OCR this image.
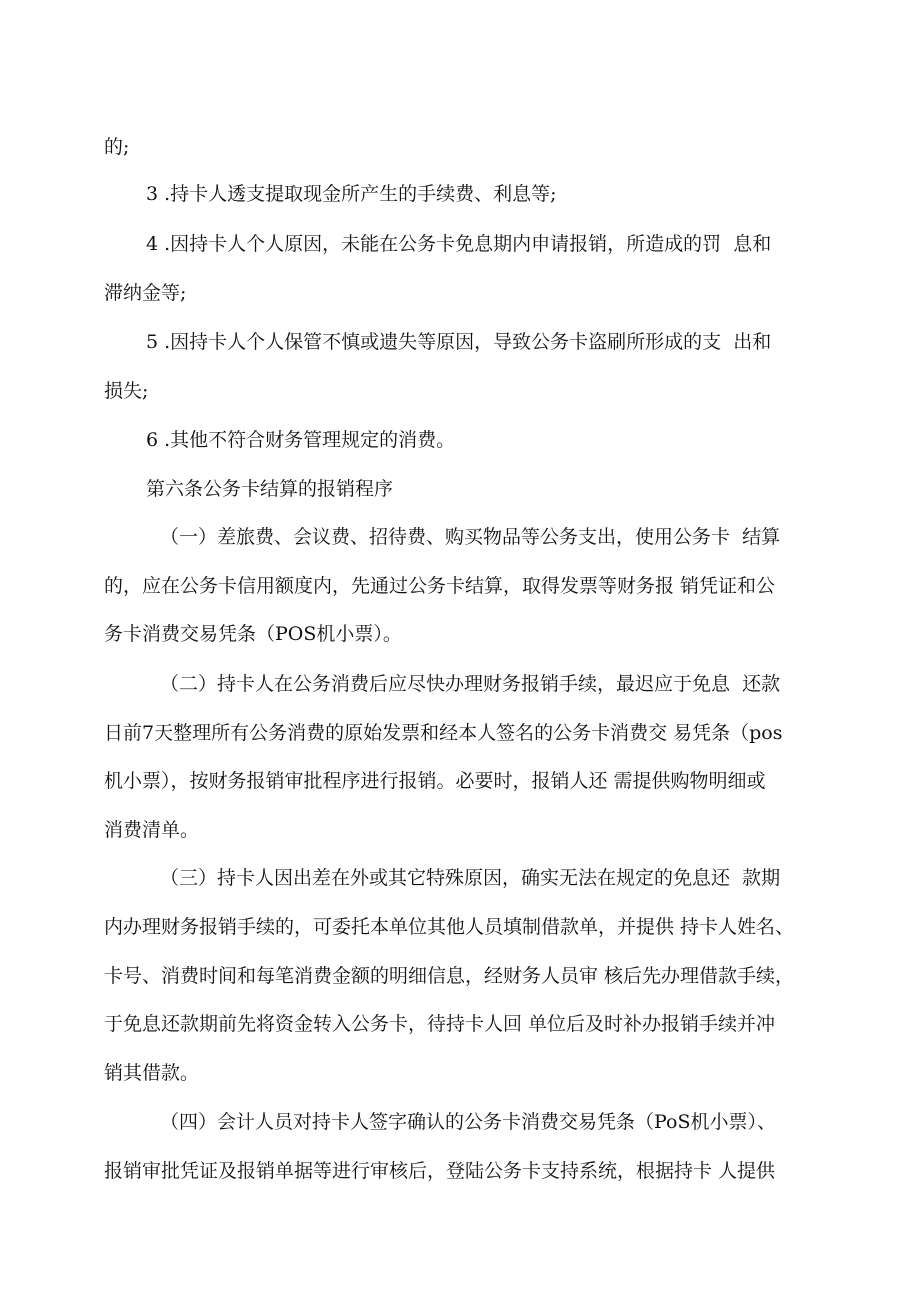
的;
3 .持卡人透支提取现金所产生的手续费、利息等;
4 .因持卡人个人原因，未能在公务卡免息期内申请报销，所造成的罚  息和
滞纳金等;
5 .因持卡人个人保管不慎或遗失等原因，导致公务卡盗刷所形成的支  出和
损失;
6 .其他不符合财务管理规定的消费。
第六条公务卡结算的报销程序
（一）差旅费、会议费、招待费、购买物品等公务支出，使用公务卡  结算
的，应在公务卡信用额度内，先通过公务卡结算，取得发票等财务报 销凭证和公
务卡消费交易凭条（POS机小票）。
（二）持卡人在公务消费后应尽快办理财务报销手续，最迟应于免息  还款
日前7天整理所有公务消费的原始发票和经本人签名的公务卡消费交 易凭条（pos
机小票），按财务报销审批程序进行报销。必要时，报销人还 需提供购物明细或
消费清单。
（三）持卡人因出差在外或其它特殊原因，确实无法在规定的免息还  款期
内办理财务报销手续的，可委托本单位其他人员填制借款单，并提供 持卡人姓名、
卡号、消费时间和每笔消费金额的明细信息，经财务人员审 核后先办理借款手续，
于免息还款期前先将资金转入公务卡，待持卡人回 单位后及时补办报销手续并冲
销其借款。
（四）会计人员对持卡人签字确认的公务卡消费交易凭条（PoS机小票）、
报销审批凭证及报销单据等进行审核后，登陆公务卡支持系统，根据持卡 人提供
